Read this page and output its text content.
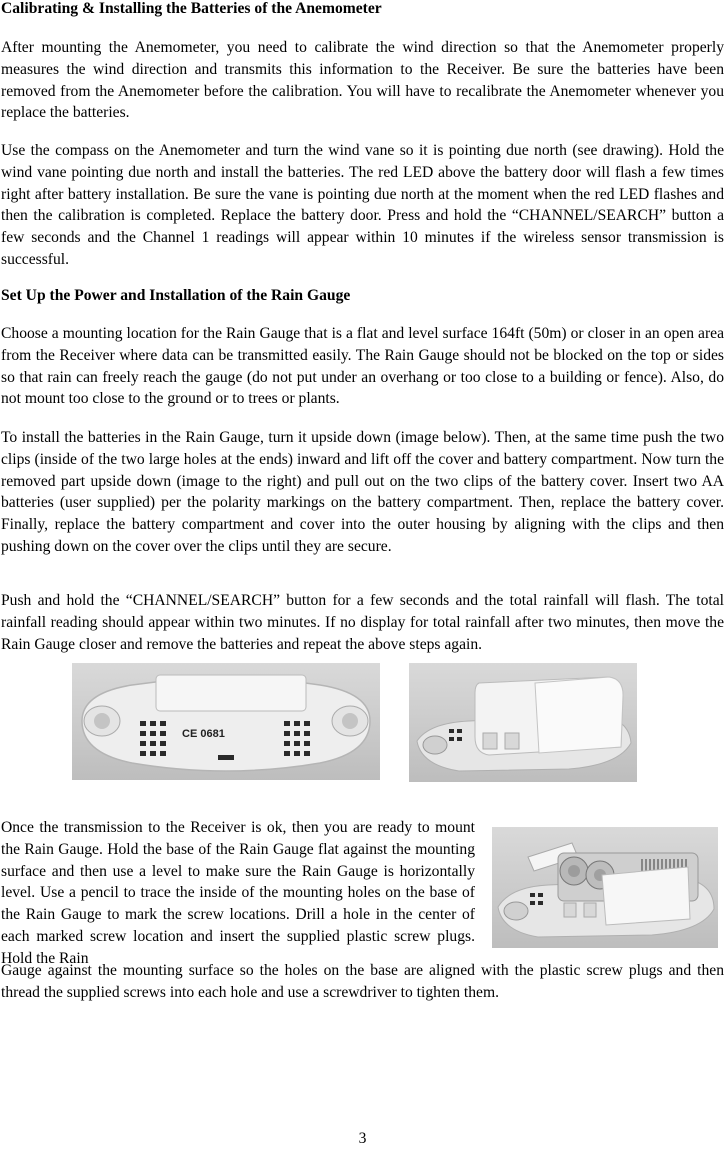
Calibrating & Installing the Batteries of the Anemometer

After mounting the Anemometer, you need to calibrate the wind direction so that the Anemometer properly measures the wind direction and transmits this information to the Receiver. Be sure the batteries have been removed from the Anemometer before the calibration. You will have to recalibrate the Anemometer whenever you replace the batteries.

Use the compass on the Anemometer and turn the wind vane so it is pointing due north (see drawing). Hold the wind vane pointing due north and install the batteries. The red LED above the battery door will flash a few times right after battery installation. Be sure the vane is pointing due north at the moment when the red LED flashes and then the calibration is completed. Replace the battery door. Press and hold the “CHANNEL/SEARCH” button a few seconds and the Channel 1 readings will appear within 10 minutes if the wireless sensor transmission is successful.

Set Up the Power and Installation of the Rain Gauge

Choose a mounting location for the Rain Gauge that is a flat and level surface 164ft (50m) or closer in an open area from the Receiver where data can be transmitted easily. The Rain Gauge should not be blocked on the top or sides so that rain can freely reach the gauge (do not put under an overhang or too close to a building or fence). Also, do not mount too close to the ground or to trees or plants.

To install the batteries in the Rain Gauge, turn it upside down (image below). Then, at the same time push the two clips (inside of the two large holes at the ends) inward and lift off the cover and battery compartment. Now turn the removed part upside down (image to the right) and pull out on the two clips of the battery cover. Insert two AA batteries (user supplied) per the polarity markings on the battery compartment. Then, replace the battery cover. Finally, replace the battery compartment and cover into the outer housing by aligning with the clips and then pushing down on the cover over the clips until they are secure.

Push and hold the “CHANNEL/SEARCH” button for a few seconds and the total rainfall will flash. The total rainfall reading should appear within two minutes. If no display for total rainfall after two minutes, then move the Rain Gauge closer and remove the batteries and repeat the above steps again.

CE 0681

Once the transmission to the Receiver is ok, then you are ready to mount the Rain Gauge. Hold the base of the Rain Gauge flat against the mounting surface and then use a level to make sure the Rain Gauge is horizontally level. Use a pencil to trace the inside of the mounting holes on the base of the Rain Gauge to mark the screw locations. Drill a hole in the center of each marked screw location and insert the supplied plastic screw plugs. Hold the Rain

Gauge against the mounting surface so the holes on the base are aligned with the plastic screw plugs and then thread the supplied screws into each hole and use a screwdriver to tighten them.

3
